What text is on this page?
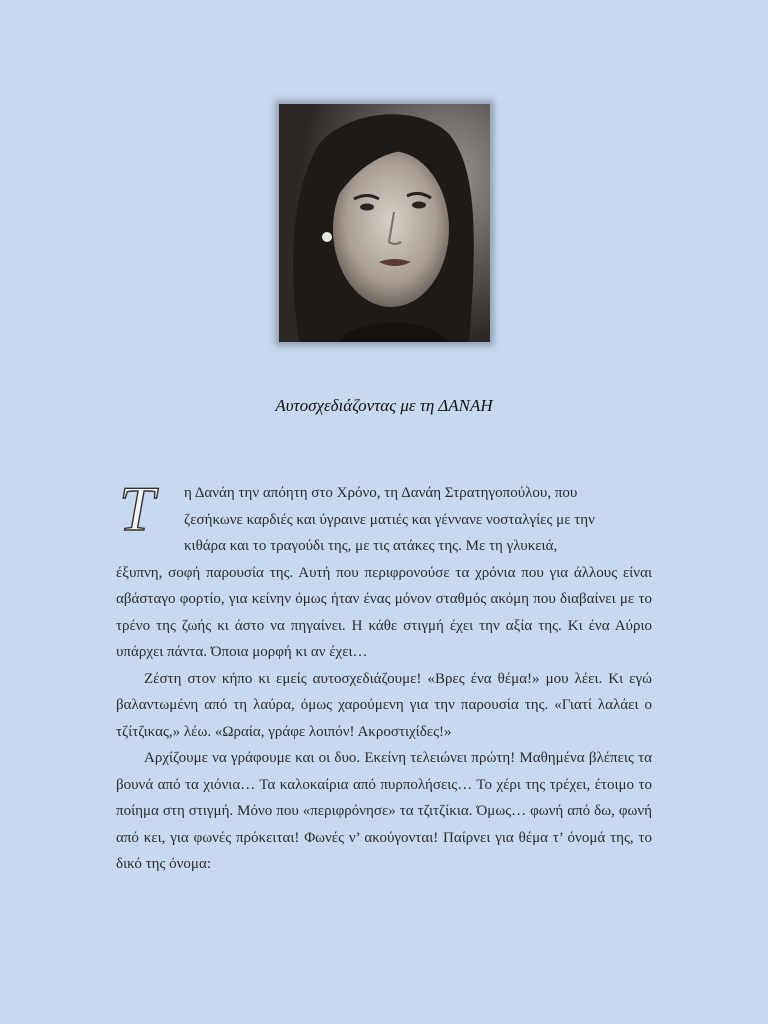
Αυτοσχεδιάζοντας με τη ΔΑΝΑΗ
Τ	η Δανάη την απόητη στο Χρόνο, τη Δανάη Στρατηγοπούλου, που
ζεσήκωνε καρδιές και ύγραινε ματιές και γέννανε νοσταλγίες με την
κιθάρα και το τραγούδι της, με τις ατάκες της. Με τη γλυκειά,
έξυπνη, σοφή παρουσία της. Αυτή που περιφρονούσε τα χρόνια που για άλλους είναι αβάσταγο φορτίο, για κείνην όμως ήταν ένας μόνον σταθμός ακόμη που διαβαίνει με το τρένο της ζωής κι άστο να πηγαίνει. Η κάθε στιγμή έχει την αξία της. Κι ένα Αύριο υπάρχει πάντα. Όποια μορφή κι αν έχει…

Ζέστη στον κήπο κι εμείς αυτοσχεδιάζουμε! «Βρες ένα θέμα!» μου λέει. Κι εγώ βαλαντωμένη από τη λαύρα, όμως χαρούμενη για την παρουσία της. «Γιατί λαλάει ο τζίτζικας,» λέω. «Ωραία, γράφε λοιπόν! Ακροστιχίδες!»

Αρχίζουμε να γράφουμε και οι δυο. Εκείνη τελειώνει πρώτη! Μαθημένα βλέπεις τα βουνά από τα χιόνια… Τα καλοκαίρια από πυρπολήσεις… Το χέρι της τρέχει, έτοιμο το ποίημα στη στιγμή. Μόνο που «περιφρόνησε» τα τζιτζίκια. Όμως… φωνή από δω, φωνή από κει, για φωνές πρόκειται! Φωνές ν’ ακούγονται! Παίρνει για θέμα τ’ όνομά της, το δικό της όνομα:
